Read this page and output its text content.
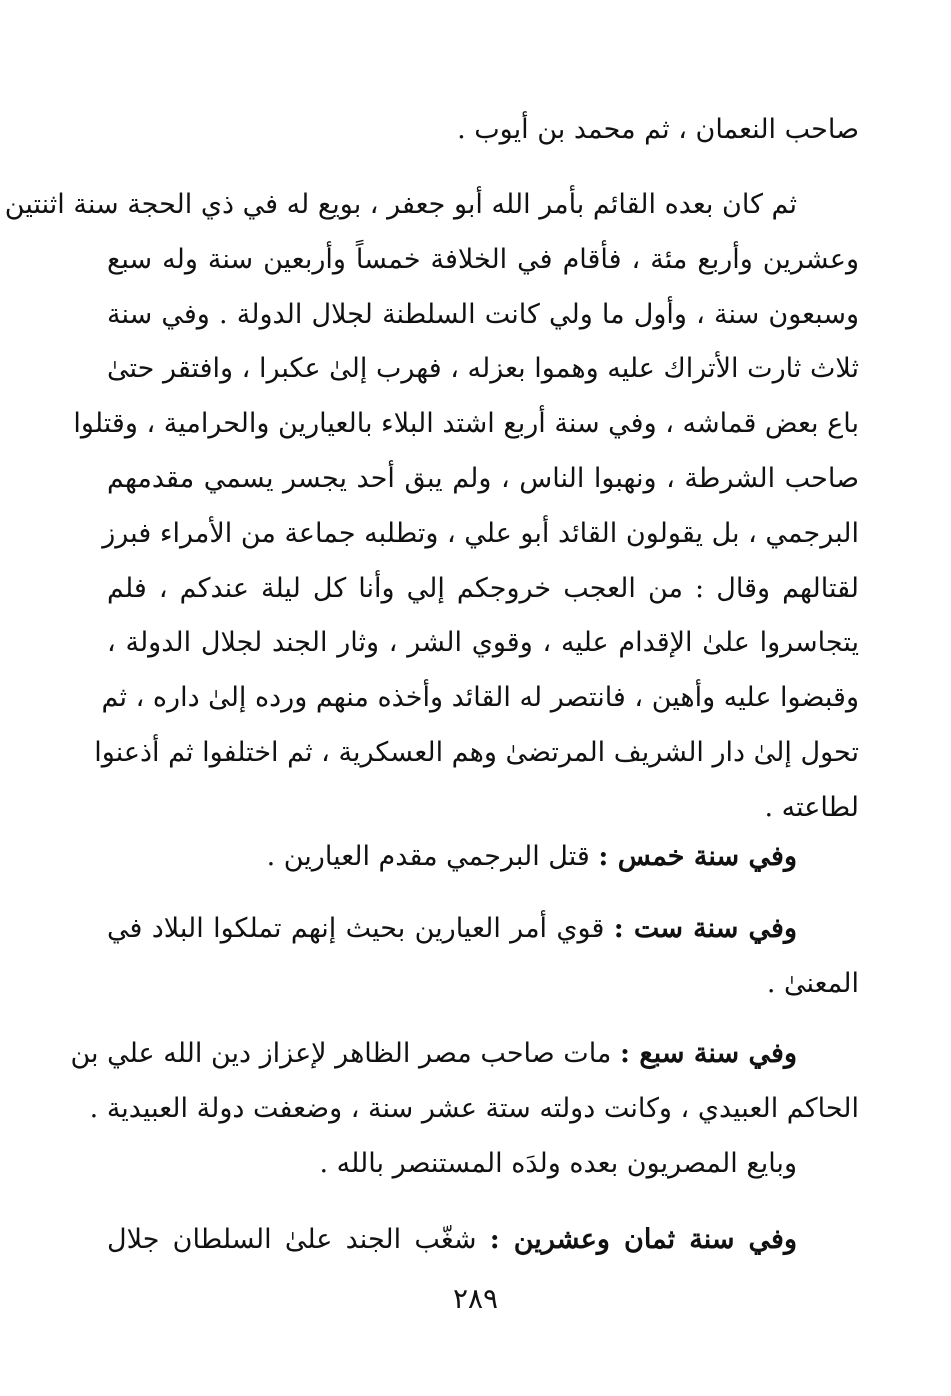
صاحب النعمان ، ثم محمد بن أيوب .
ثم كان بعده القائم بأمر الله أبو جعفر ، بويع له في ذي الحجة سنة اثنتين
وعشرين وأربع مئة ، فأقام في الخلافة خمساً وأربعين سنة وله سبع
وسبعون سنة ، وأول ما ولي كانت السلطنة لجلال الدولة . وفي سنة
ثلاث ثارت الأتراك عليه وهموا بعزله ، فهرب إلىٰ عكبرا ، وافتقر حتىٰ
باع بعض قماشه ، وفي سنة أربع اشتد البلاء بالعيارين والحرامية ، وقتلوا
صاحب الشرطة ، ونهبوا الناس ، ولم يبق أحد يجسر يسمي مقدمهم
البرجمي ، بل يقولون القائد أبو علي ، وتطلبه جماعة من الأمراء فبرز
لقتالهم وقال : من العجب خروجكم إلي وأنا كل ليلة عندكم ، فلم
يتجاسروا علىٰ الإقدام عليه ، وقوي الشر ، وثار الجند لجلال الدولة ،
وقبضوا عليه وأهين ، فانتصر له القائد وأخذه منهم ورده إلىٰ داره ، ثم
تحول إلىٰ دار الشريف المرتضىٰ وهم العسكرية ، ثم اختلفوا ثم أذعنوا
لطاعته .
وفي سنة خمس : قتل البرجمي مقدم العيارين .
وفي سنة ست : قوي أمر العيارين بحيث إنهم تملكوا البلاد في
المعنىٰ .
وفي سنة سبع : مات صاحب مصر الظاهر لإعزاز دين الله علي بن
الحاكم العبيدي ، وكانت دولته ستة عشر سنة ، وضعفت دولة العبيدية .
وبايع المصريون بعده ولدَه المستنصر بالله .
وفي سنة ثمان وعشرين : شغّب الجند علىٰ السلطان جلال
٢٨٩
